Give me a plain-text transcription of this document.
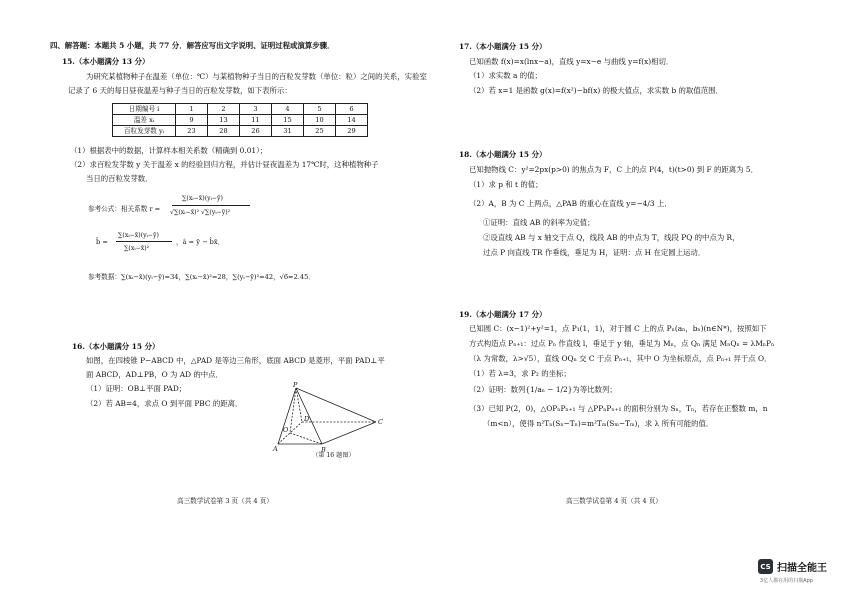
四、解答题：本题共 5 小题，共 77 分．解答应写出文字说明、证明过程或演算步骤．
15.（本小题满分 13 分）
为研究某植物种子在温差（单位：℃）与某植物种子当日的百粒发芽数（单位：粒）之间的关系，实验室
记录了 6 天的每日昼夜温差与种子当日的百粒发芽数，如下表所示：
日期编号 i	1	2	3	4	5	6
温差 xᵢ	9	13	11	15	10	14
百粒发芽数 yᵢ	23	28	26	31	25	29
（1）根据表中的数据，计算样本相关系数（精确到 0.01）；
（2）求百粒发芽数 y 关于温差 x 的经验回归方程，并估计昼夜温差为 17℃时，这种植物种子
当日的百粒发芽数．
参考公式：相关系数 r =
∑(xᵢ−x̄)(yᵢ−ȳ)
√∑(xᵢ−x̄)² √∑(yᵢ−ȳ)²
b̂ =
∑(xᵢ−x̄)(yᵢ−ȳ)
∑(xᵢ−x̄)²
，â = ȳ − b̂x̄．
参考数据：∑(xᵢ−x̄)(yᵢ−ȳ)=34，∑(xᵢ−x̄)²=28，∑(yᵢ−ȳ)²=42，√6≈2.45．
16.（本小题满分 15 分）
如图，在四棱锥 P−ABCD 中，△PAD 是等边三角形，底面 ABCD 是菱形，平面 PAD⊥平
面 ABCD，AD⊥PB，O 为 AD 的中点．
（1）证明：OB⊥平面 PAD；
（2）若 AB=4，求点 O 到平面 PBC 的距离．
P
D
O
A	B
C
（第 16 题图）
高三数学试卷第 3 页（共 4 页）
17.（本小题满分 15 分）
已知函数 f(x)=x(lnx−a)，直线 y=x−e 与曲线 y=f(x)相切．
（1）求实数 a 的值；
（2）若 x=1 是函数 g(x)=f(x²)−bf(x) 的极大值点，求实数 b 的取值范围．
18.（本小题满分 15 分）
已知抛物线 C：y²=2px(p>0) 的焦点为 F，C 上的点 P(4，t)(t>0) 到 F 的距离为 5．
（1）求 p 和 t 的值；
（2）A，B 为 C 上两点，△PAB 的重心在直线 y=−4/3 上．
①证明：直线 AB 的斜率为定值；
②设直线 AB 与 x 轴交于点 Q，线段 AB 的中点为 T，线段 PQ 的中点为 R，
过点 P 向直线 TR 作垂线，垂足为 H，证明：点 H 在定圆上运动．
19.（本小题满分 17 分）
已知圆 C：(x−1)²+y²=1，点 P₁(1，1)，对于圆 C 上的点 Pₙ(aₙ，bₙ)(n∈N*)，按照如下
方式构造点 Pₙ₊₁：过点 Pₙ 作直线 l，垂足于 y 轴，垂足为 Mₙ，点 Qₙ 满足 MₙQₙ = λMₙPₙ
（λ 为常数，λ>√5），直线 OQₙ 交 C 于点 Pₙ₊₁，其中 O 为坐标原点，点 Pₙ₊₁ 异于点 O．
（1）若 λ=3，求 P₂ 的坐标；
（2）证明：数列{1/aₙ − 1/2}为等比数列；
（3）已知 P(2，0)，△OPₙPₙ₊₁ 与 △PPₙPₙ₊₁ 的面积分别为 Sₙ，Tₙ，若存在正整数 m，n
（m<n），使得 n²Tₙ(Sₙ−Tₙ)=m²Tₘ(Sₘ−Tₘ)，求 λ 所有可能的值．
高三数学试卷第 4 页（共 4 页）
CS 扫描全能王
3亿人都在用的扫描App
